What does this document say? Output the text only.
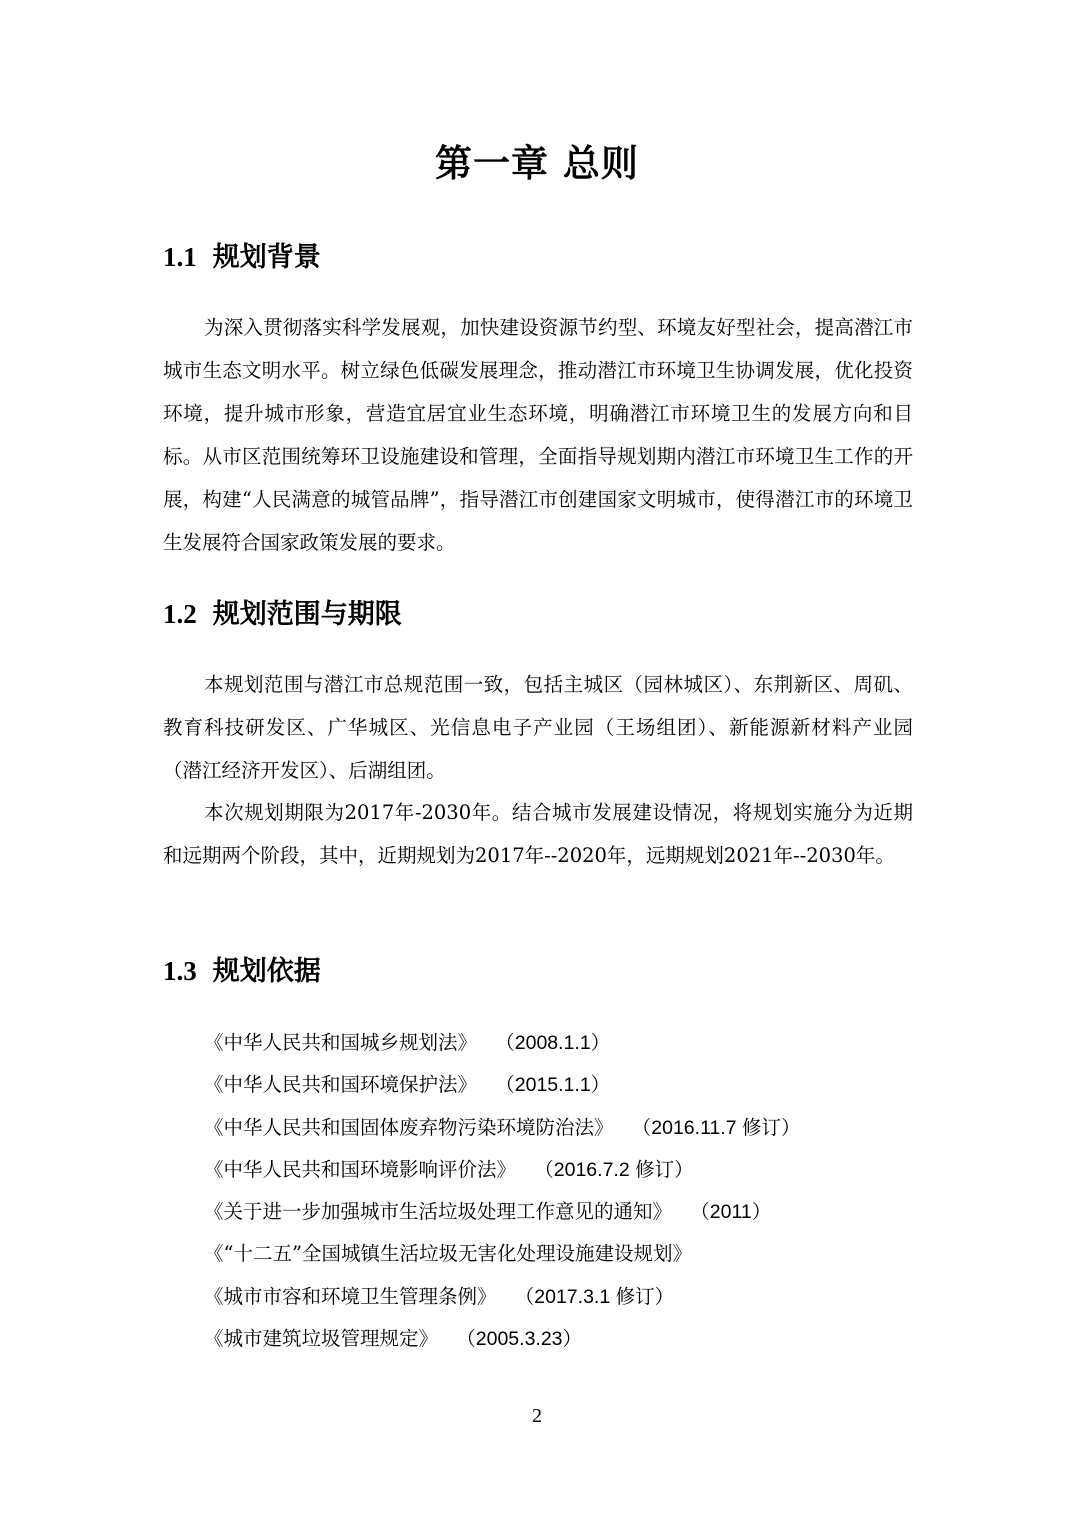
第一章 总则
1.1 规划背景

为深入贯彻落实科学发展观，加快建设资源节约型、环境友好型社会，提高潜江市城市生态文明水平。树立绿色低碳发展理念，推动潜江市环境卫生协调发展，优化投资环境，提升城市形象，营造宜居宜业生态环境，明确潜江市环境卫生的发展方向和目标。从市区范围统筹环卫设施建设和管理，全面指导规划期内潜江市环境卫生工作的开展，构建“人民满意的城管品牌”，指导潜江市创建国家文明城市，使得潜江市的环境卫生发展符合国家政策发展的要求。

1.2 规划范围与期限

本规划范围与潜江市总规范围一致，包括主城区（园林城区）、东荆新区、周矶、教育科技研发区、广华城区、光信息电子产业园（王场组团）、新能源新材料产业园（潜江经济开发区）、后湖组团。

本次规划期限为2017年-2030年。结合城市发展建设情况，将规划实施分为近期和远期两个阶段，其中，近期规划为2017年--2020年，远期规划2021年--2030年。

1.3 规划依据
《中华人民共和国城乡规划法》 （2008.1.1）
《中华人民共和国环境保护法》 （2015.1.1）
《中华人民共和国固体废弃物污染环境防治法》 （2016.11.7 修订）
《中华人民共和国环境影响评价法》 （2016.7.2 修订）
《关于进一步加强城市生活垃圾处理工作意见的通知》 （2011）
《“十二五”全国城镇生活垃圾无害化处理设施建设规划》
《城市市容和环境卫生管理条例》 （2017.3.1 修订）
《城市建筑垃圾管理规定》 （2005.3.23）
2
